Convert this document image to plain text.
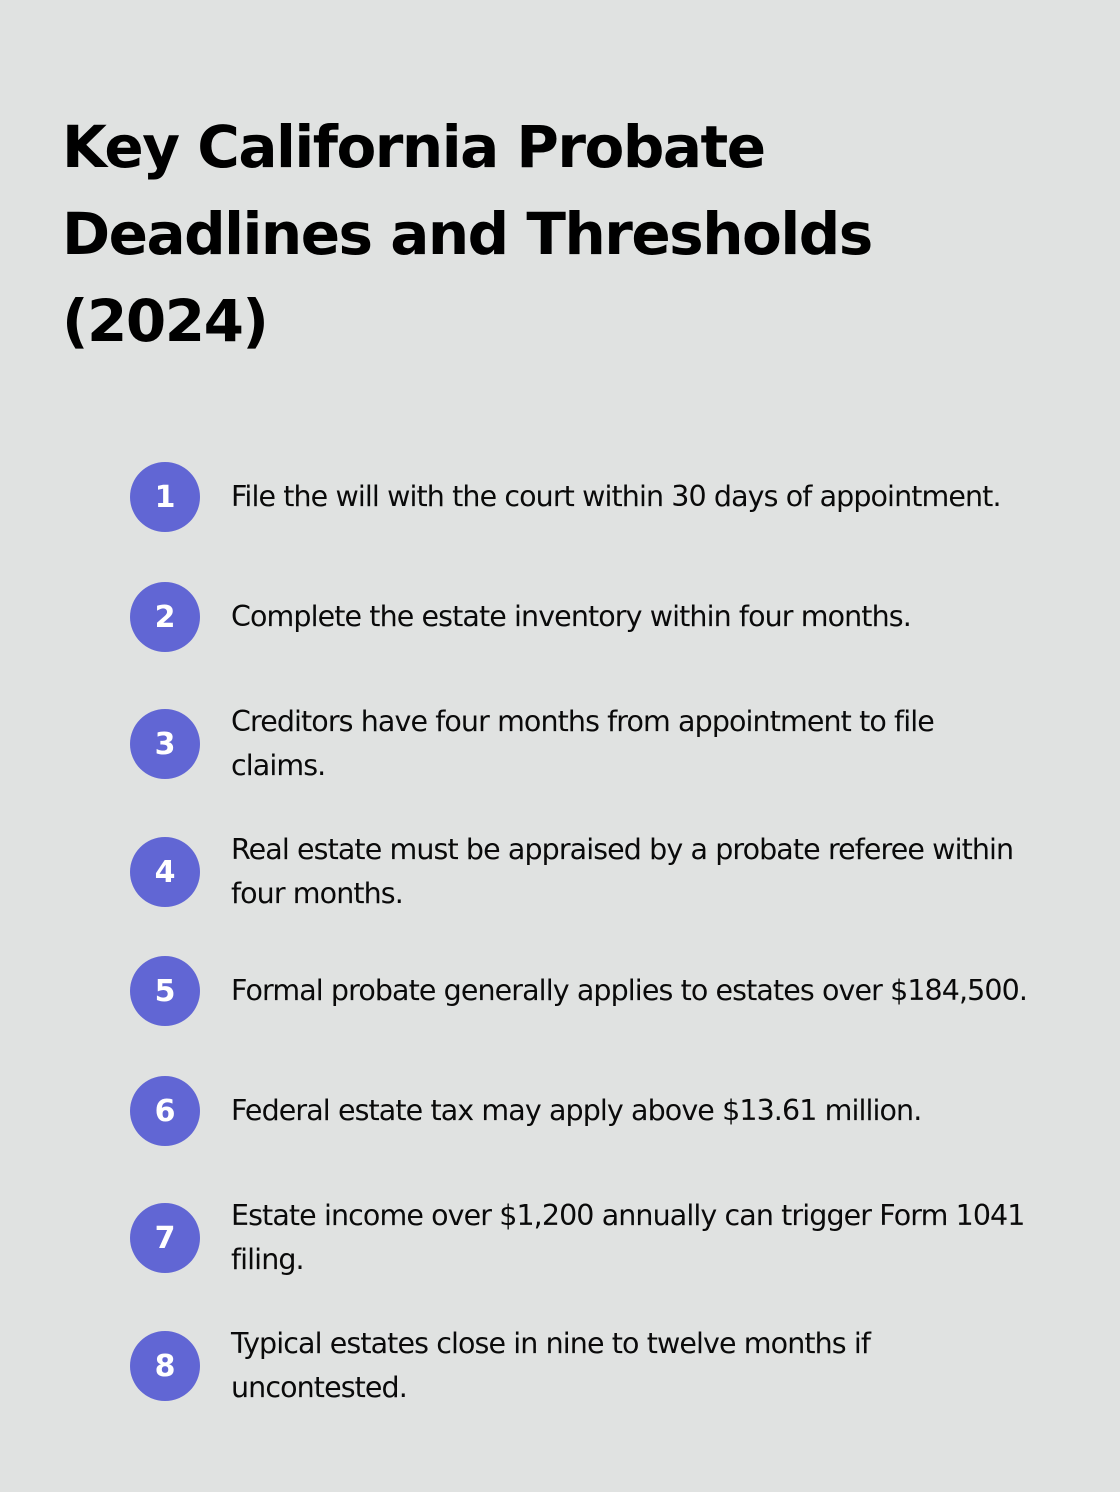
Key California Probate Deadlines and Thresholds (2024)
1	File the will with the court within 30 days of appointment.
2	Complete the estate inventory within four months.
3
Creditors have four months from appointment to file claims.
4
Real estate must be appraised by a probate referee within four months.
5	Formal probate generally applies to estates over $184,500.
6	Federal estate tax may apply above $13.61 million.
7
Estate income over $1,200 annually can trigger Form 1041 filing.
8
Typical estates close in nine to twelve months if uncontested.
